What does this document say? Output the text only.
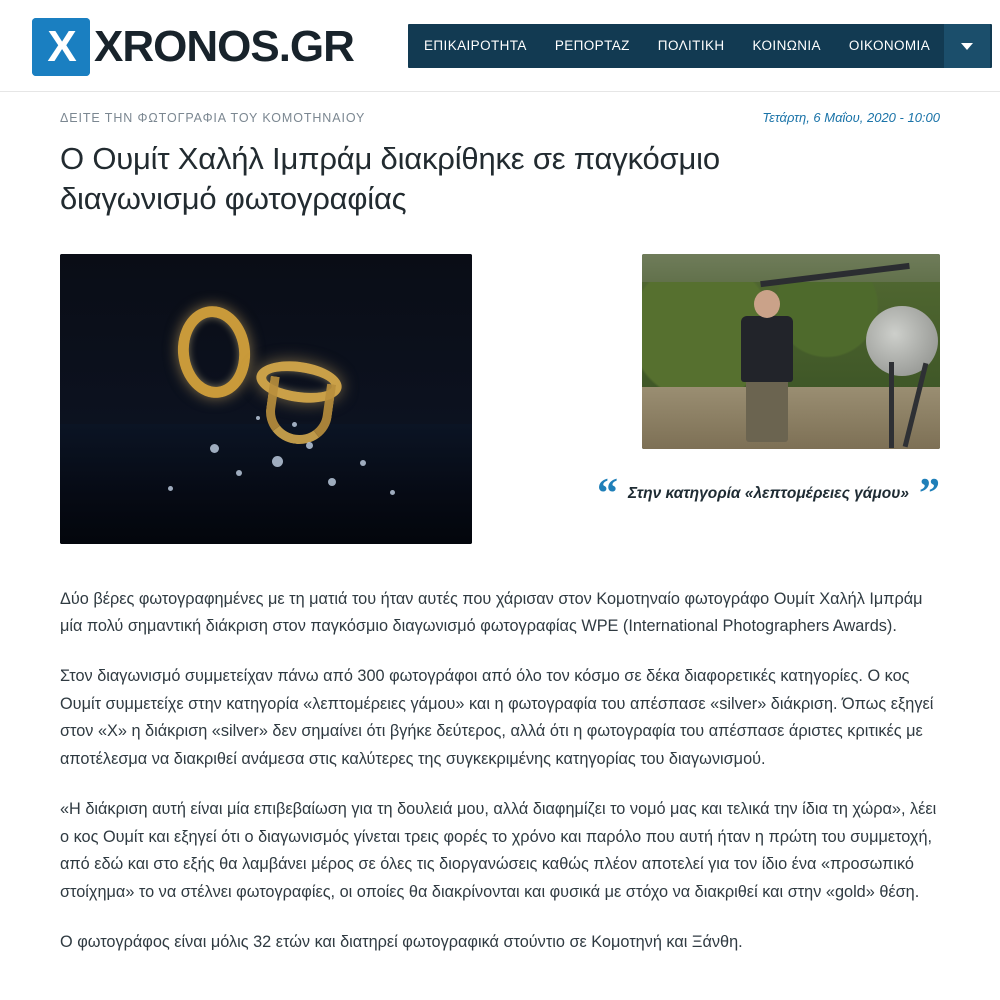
X XRONOS.GR	ΕΠΙΚΑΙΡΟΤΗΤΑ	ΡΕΠΟΡΤΑΖ	ΠΟΛΙΤΙΚΗ	ΚΟΙΝΩΝΙΑ	ΟΙΚΟΝΟΜΙΑ
ΔΕΙΤΕ ΤΗΝ ΦΩΤΟΓΡΑΦΙΑ ΤΟΥ ΚΟΜΟΤΗΝΑΙΟΥ	Τετάρτη, 6 Μαΐου, 2020 - 10:00
Ο Ουμίτ Χαλήλ Ιμπράμ διακρίθηκε σε παγκόσμιο διαγωνισμό φωτογραφίας
“ Στην κατηγορία «λεπτομέρειες γάμου» ”

Δύο βέρες φωτογραφημένες με τη ματιά του ήταν αυτές που χάρισαν στον Κομοτηναίο φωτογράφο Ουμίτ Χαλήλ Ιμπράμ μία πολύ σημαντική διάκριση στον παγκόσμιο διαγωνισμό φωτογραφίας WPE (International Photographers Awards).

Στον διαγωνισμό συμμετείχαν πάνω από 300 φωτογράφοι από όλο τον κόσμο σε δέκα διαφορετικές κατηγορίες. Ο κος Ουμίτ συμμετείχε στην κατηγορία «λεπτομέρειες γάμου» και η φωτογραφία του απέσπασε «silver» διάκριση. Όπως εξηγεί στον «Χ» η διάκριση «silver» δεν σημαίνει ότι βγήκε δεύτερος, αλλά ότι η φωτογραφία του απέσπασε άριστες κριτικές με αποτέλεσμα να διακριθεί ανάμεσα στις καλύτερες της συγκεκριμένης κατηγορίας του διαγωνισμού.

«Η διάκριση αυτή είναι μία επιβεβαίωση για τη δουλειά μου, αλλά διαφημίζει το νομό μας και τελικά την ίδια τη χώρα», λέει ο κος Ουμίτ και εξηγεί ότι ο διαγωνισμός γίνεται τρεις φορές το χρόνο και παρόλο που αυτή ήταν η πρώτη του συμμετοχή, από εδώ και στο εξής θα λαμβάνει μέρος σε όλες τις διοργανώσεις καθώς πλέον αποτελεί για τον ίδιο ένα «προσωπικό στοίχημα» το να στέλνει φωτογραφίες, οι οποίες θα διακρίνονται και φυσικά με στόχο να διακριθεί και στην «gold» θέση.

Ο φωτογράφος είναι μόλις 32 ετών και διατηρεί φωτογραφικά στούντιο σε Κομοτηνή και Ξάνθη.
